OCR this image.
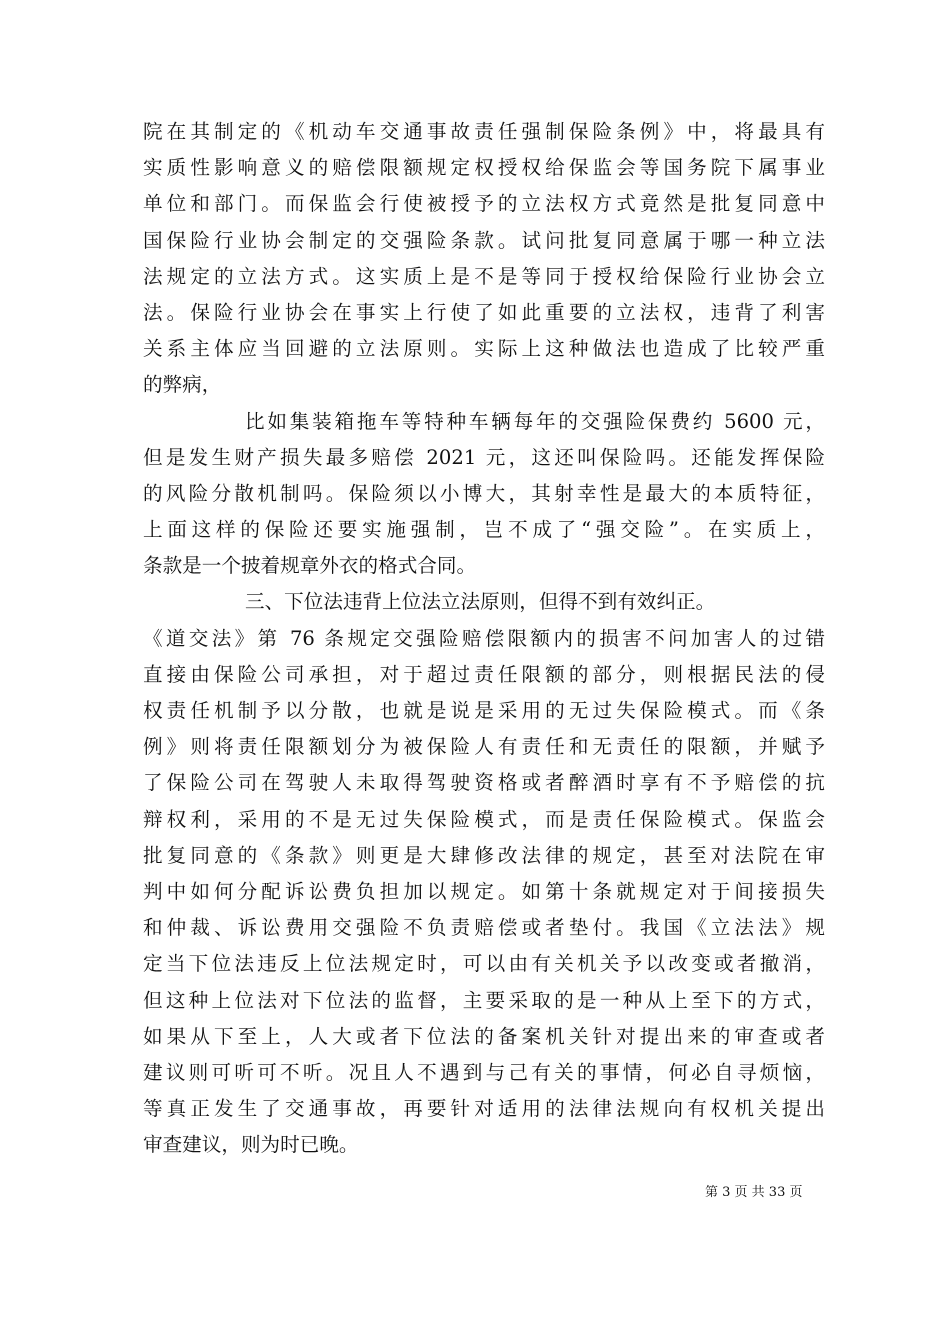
院在其制定的《机动车交通事故责任强制保险条例》中，将最具有
实质性影响意义的赔偿限额规定权授权给保监会等国务院下属事业
单位和部门。而保监会行使被授予的立法权方式竟然是批复同意中
国保险行业协会制定的交强险条款。试问批复同意属于哪一种立法
法规定的立法方式。这实质上是不是等同于授权给保险行业协会立
法。保险行业协会在事实上行使了如此重要的立法权，违背了利害
关系主体应当回避的立法原则。实际上这种做法也造成了比较严重
的弊病，
比如集装箱拖车等特种车辆每年的交强险保费约 5600 元，
但是发生财产损失最多赔偿 2021 元，这还叫保险吗。还能发挥保险
的风险分散机制吗。保险须以小博大，其射幸性是最大的本质特征，
上面这样的保险还要实施强制，岂不成了“强交险”。在实质上，
条款是一个披着规章外衣的格式合同。
三、下位法违背上位法立法原则，但得不到有效纠正。
《道交法》第 76 条规定交强险赔偿限额内的损害不问加害人的过错
直接由保险公司承担，对于超过责任限额的部分，则根据民法的侵
权责任机制予以分散，也就是说是采用的无过失保险模式。而《条
例》则将责任限额划分为被保险人有责任和无责任的限额，并赋予
了保险公司在驾驶人未取得驾驶资格或者醉酒时享有不予赔偿的抗
辩权利，采用的不是无过失保险模式，而是责任保险模式。保监会
批复同意的《条款》则更是大肆修改法律的规定，甚至对法院在审
判中如何分配诉讼费负担加以规定。如第十条就规定对于间接损失
和仲裁、诉讼费用交强险不负责赔偿或者垫付。我国《立法法》规
定当下位法违反上位法规定时，可以由有关机关予以改变或者撤消，
但这种上位法对下位法的监督，主要采取的是一种从上至下的方式，
如果从下至上，人大或者下位法的备案机关针对提出来的审查或者
建议则可听可不听。况且人不遇到与己有关的事情，何必自寻烦恼，
等真正发生了交通事故，再要针对适用的法律法规向有权机关提出
审查建议，则为时已晚。
第 3 页 共 33 页
